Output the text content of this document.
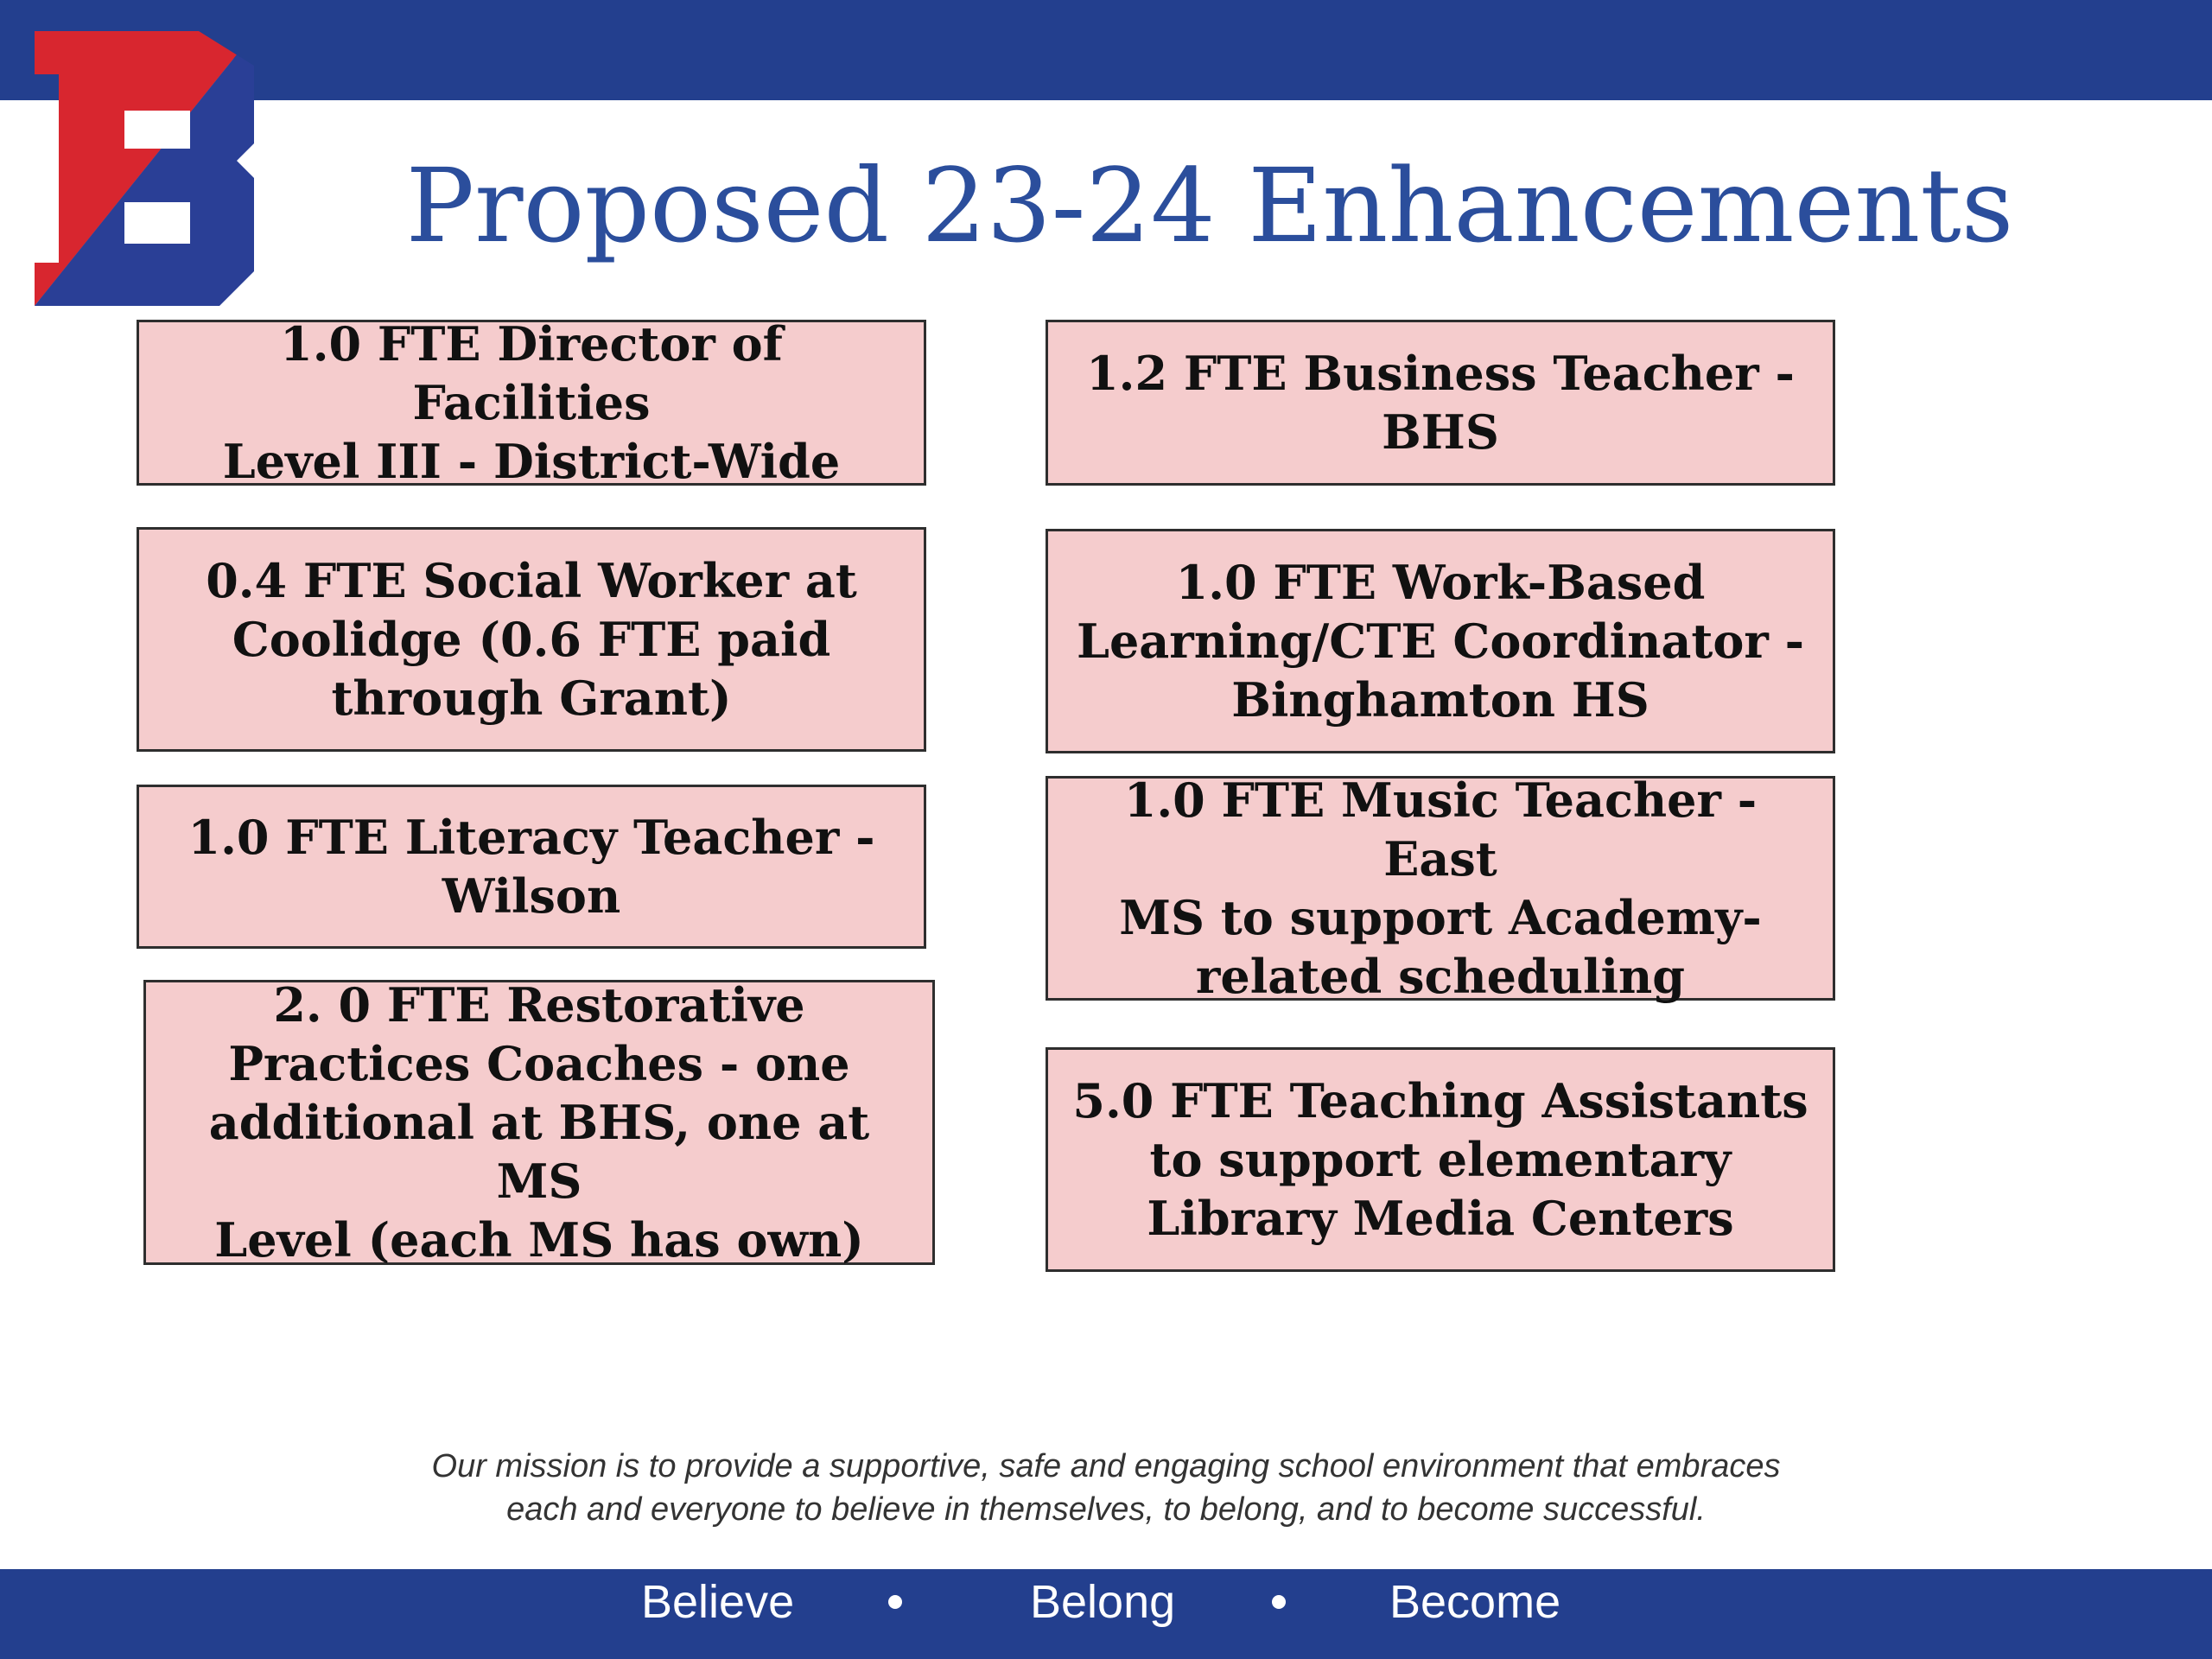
Proposed 23-24 Enhancements
1.0 FTE Director of Facilities
Level III - District-Wide
0.4 FTE Social Worker at
Coolidge (0.6 FTE paid
through Grant)
1.0 FTE Literacy Teacher -
Wilson
2. 0 FTE Restorative
Practices Coaches - one
additional at BHS, one at MS
Level (each MS has own)
1.2 FTE Business Teacher -
BHS
1.0 FTE Work-Based
Learning/CTE Coordinator -
Binghamton HS
1.0 FTE Music Teacher - East
MS to support Academy-
related scheduling
5.0 FTE Teaching Assistants
to support elementary
Library Media Centers
Our mission is to provide a supportive, safe and engaging school environment that embraces
each and everyone to believe in themselves, to belong, and to become successful.
Believe	Belong	Become
